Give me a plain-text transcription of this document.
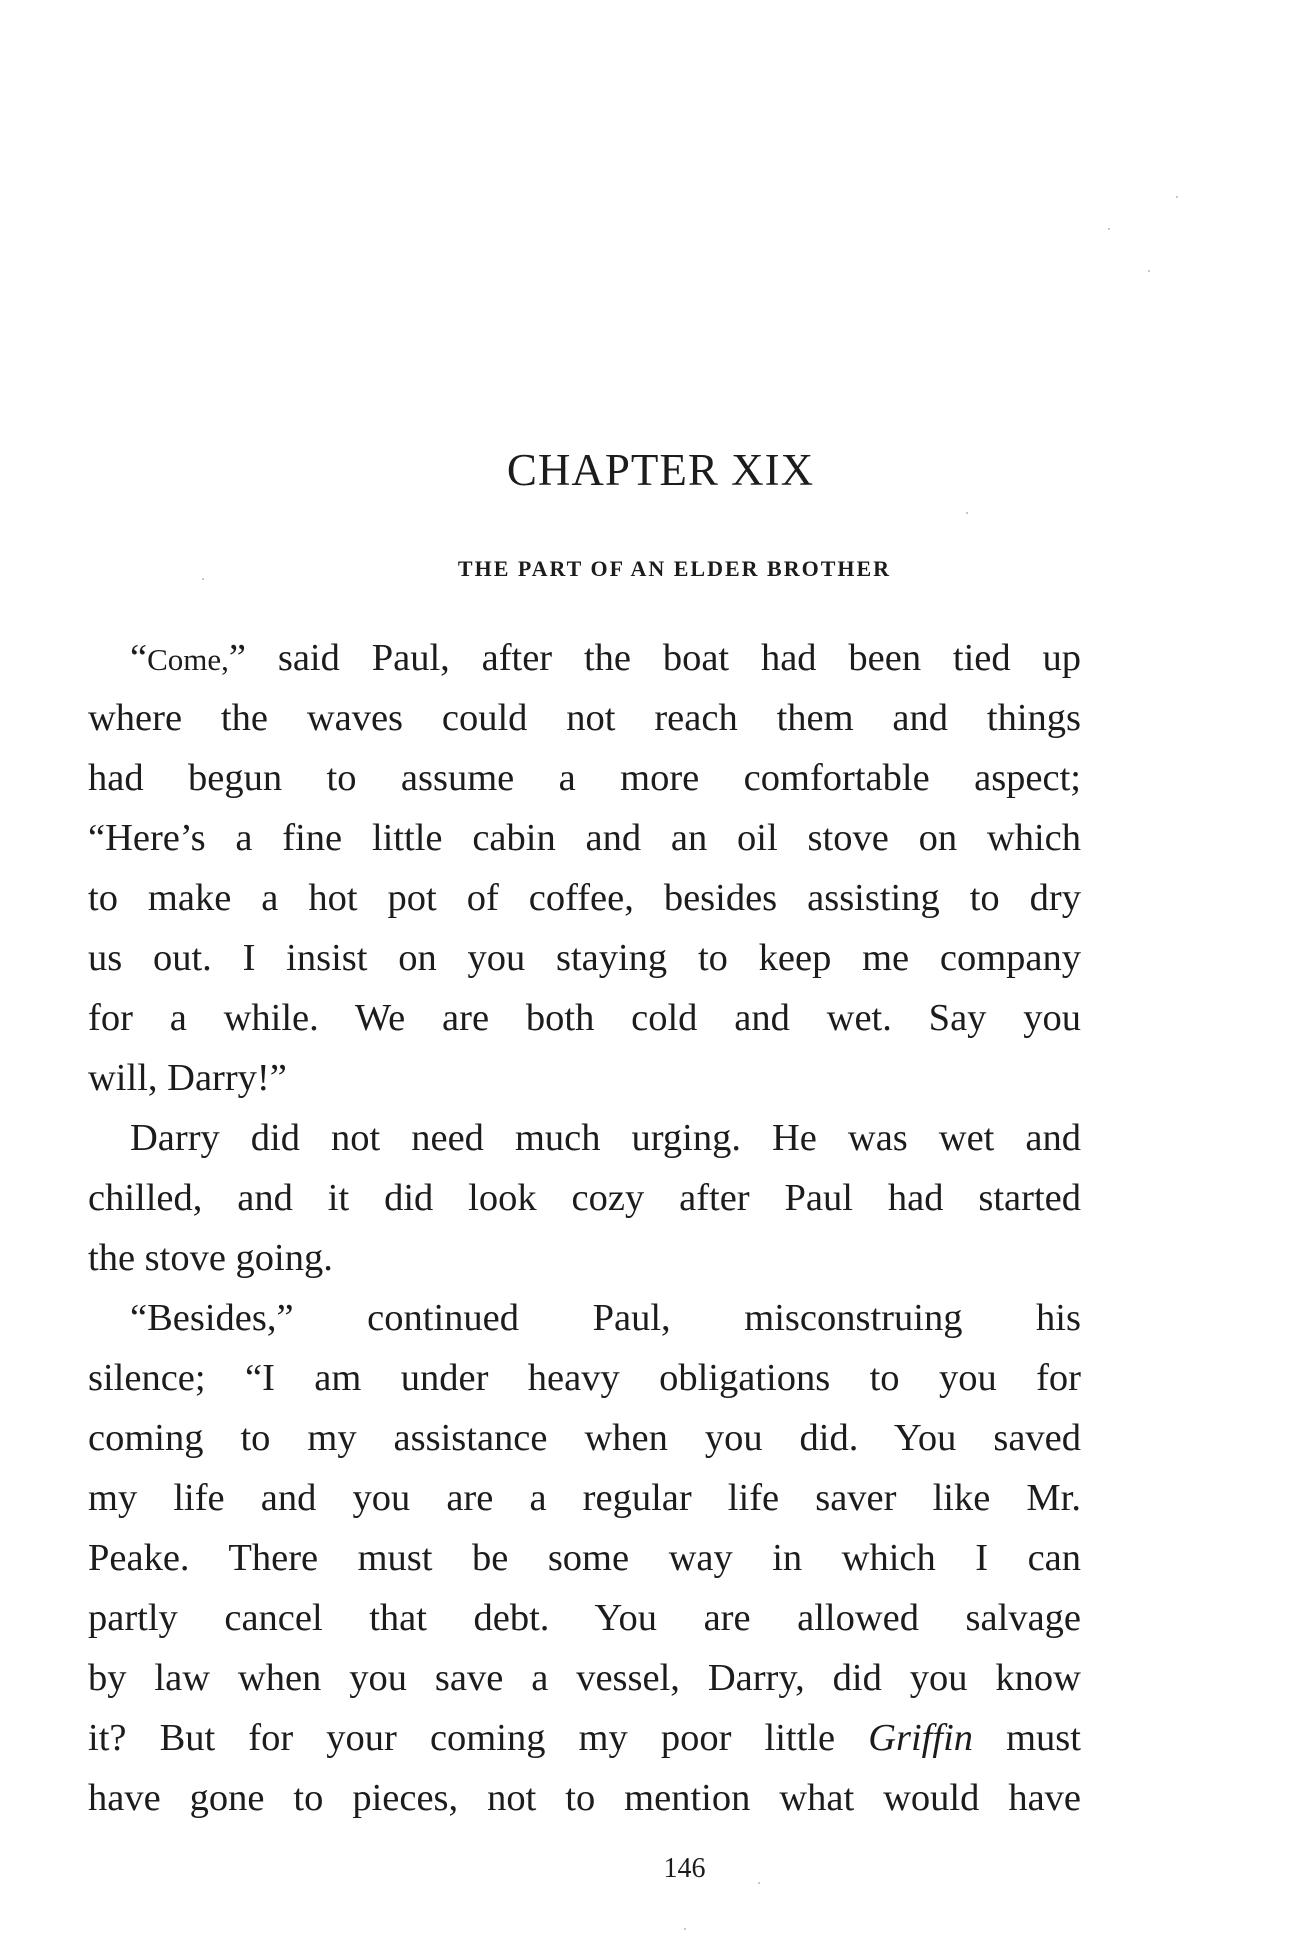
CHAPTER XIX
THE PART OF AN ELDER BROTHER
“Come,” said Paul, after the boat had been tied up
where the waves could not reach them and things
had begun to assume a more comfortable aspect;
“Here’s a fine little cabin and an oil stove on which
to make a hot pot of coffee, besides assisting to dry
us out. I insist on you staying to keep me company
for a while. We are both cold and wet. Say you
will, Darry!”
Darry did not need much urging. He was wet and
chilled, and it did look cozy after Paul had started
the stove going.
“Besides,” continued Paul, misconstruing his
silence; “I am under heavy obligations to you for
coming to my assistance when you did. You saved
my life and you are a regular life saver like Mr.
Peake. There must be some way in which I can
partly cancel that debt. You are allowed salvage
by law when you save a vessel, Darry, did you know
it? But for your coming my poor little Griffin must
have gone to pieces, not to mention what would have
146
